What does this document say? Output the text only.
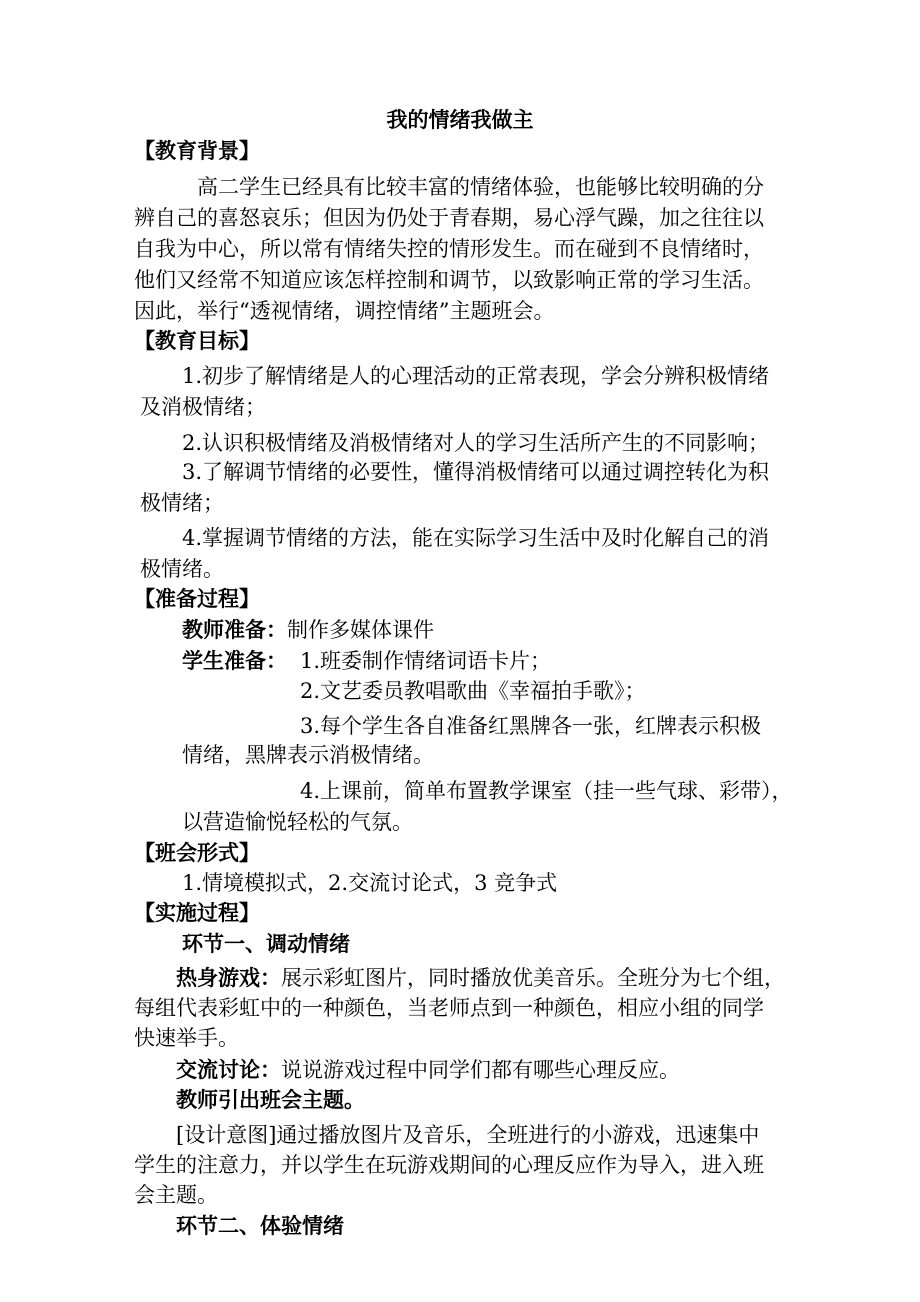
我的情绪我做主
【教育背景】
高二学生已经具有比较丰富的情绪体验，也能够比较明确的分
辨自己的喜怒哀乐；但因为仍处于青春期，易心浮气躁，加之往往以
自我为中心，所以常有情绪失控的情形发生。而在碰到不良情绪时，
他们又经常不知道应该怎样控制和调节，以致影响正常的学习生活。
因此，举行“透视情绪，调控情绪”主题班会。
【教育目标】
1.初步了解情绪是人的心理活动的正常表现，学会分辨积极情绪
及消极情绪；
2.认识积极情绪及消极情绪对人的学习生活所产生的不同影响；
3.了解调节情绪的必要性，懂得消极情绪可以通过调控转化为积
极情绪；
4.掌握调节情绪的方法，能在实际学习生活中及时化解自己的消
极情绪。
【准备过程】
教师准备：制作多媒体课件
学生准备： 1.班委制作情绪词语卡片；
2.文艺委员教唱歌曲《幸福拍手歌》；
3.每个学生各自准备红黑牌各一张，红牌表示积极
情绪，黑牌表示消极情绪。
4.上课前，简单布置教学课室（挂一些气球、彩带），
以营造愉悦轻松的气氛。
【班会形式】
1.情境模拟式，2.交流讨论式，3 竞争式
【实施过程】
环节一、调动情绪
热身游戏：展示彩虹图片，同时播放优美音乐。全班分为七个组，
每组代表彩虹中的一种颜色，当老师点到一种颜色，相应小组的同学
快速举手。
交流讨论：说说游戏过程中同学们都有哪些心理反应。
教师引出班会主题。
[设计意图]通过播放图片及音乐，全班进行的小游戏，迅速集中
学生的注意力，并以学生在玩游戏期间的心理反应作为导入，进入班
会主题。
环节二、体验情绪
